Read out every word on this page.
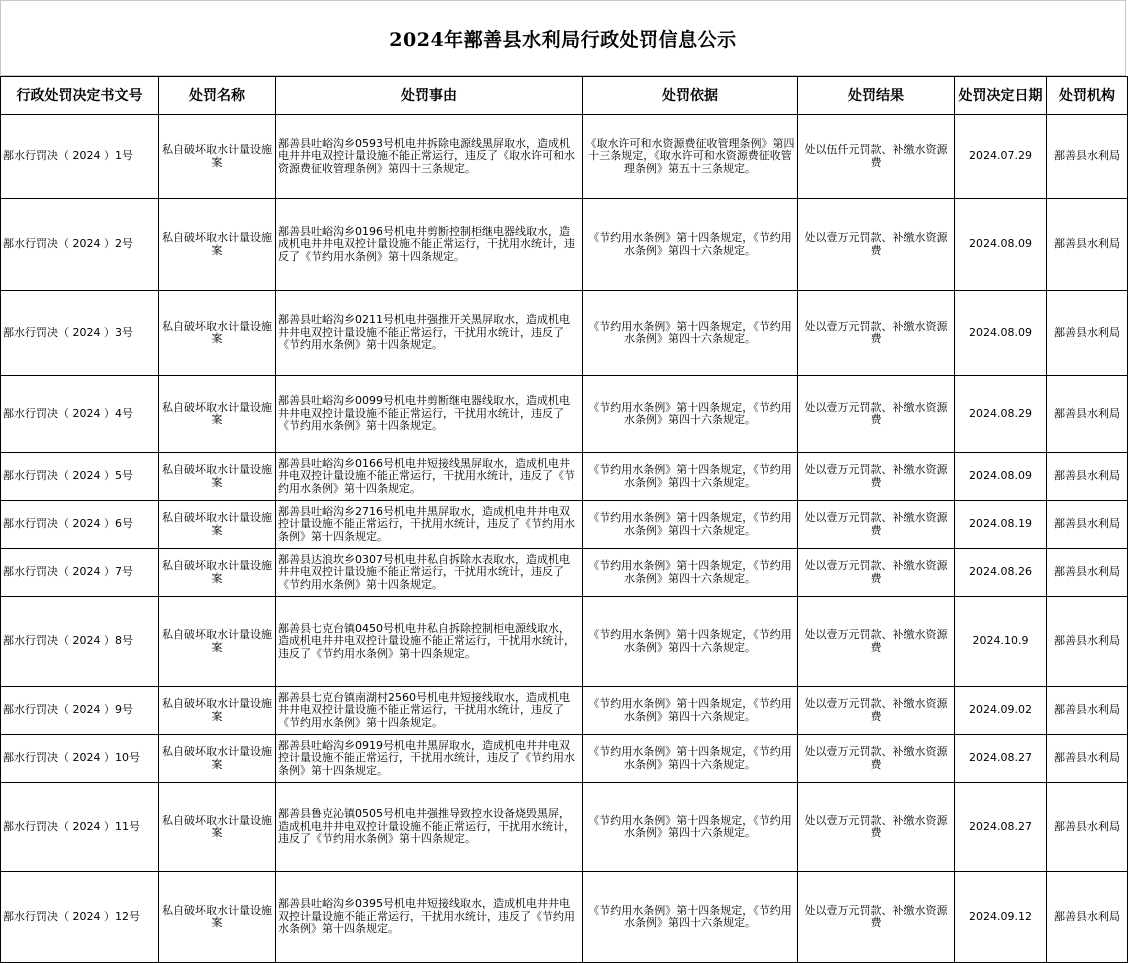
2024年鄯善县水利局行政处罚信息公示
行政处罚决定书文号	处罚名称	处罚事由	处罚依据	处罚结果	处罚决定日期	处罚机构
鄯水行罚决（ 2024 ）1号	私自破坏取水计量设施案	鄯善县吐峪沟乡0593号机电井拆除电源线黑屏取水，造成机电井井电双控计量设施不能正常运行，违反了《取水许可和水资源费征收管理条例》第四十三条规定。	《取水许可和水资源费征收管理条例》第四十三条规定，《取水许可和水资源费征收管理条例》第五十三条规定。	处以伍仟元罚款、补缴水资源费	2024.07.29	鄯善县水利局
鄯水行罚决（ 2024 ）2号	私自破坏取水计量设施案	鄯善县吐峪沟乡0196号机电井剪断控制柜继电器线取水，造成机电井井电双控计量设施不能正常运行，干扰用水统计，违反了《节约用水条例》第十四条规定。	《节约用水条例》第十四条规定，《节约用水条例》第四十六条规定。	处以壹万元罚款、补缴水资源费	2024.08.09	鄯善县水利局
鄯水行罚决（ 2024 ）3号	私自破坏取水计量设施案	鄯善县吐峪沟乡0211号机电井强推开关黑屏取水，造成机电井井电双控计量设施不能正常运行，干扰用水统计，违反了《节约用水条例》第十四条规定。	《节约用水条例》第十四条规定，《节约用水条例》第四十六条规定。	处以壹万元罚款、补缴水资源费	2024.08.09	鄯善县水利局
鄯水行罚决（ 2024 ）4号	私自破坏取水计量设施案	鄯善县吐峪沟乡0099号机电井剪断继电器线取水，造成机电井井电双控计量设施不能正常运行，干扰用水统计，违反了《节约用水条例》第十四条规定。	《节约用水条例》第十四条规定，《节约用水条例》第四十六条规定。	处以壹万元罚款、补缴水资源费	2024.08.29	鄯善县水利局
鄯水行罚决（ 2024 ）5号	私自破坏取水计量设施案	鄯善县吐峪沟乡0166号机电井短接线黑屏取水，造成机电井井电双控计量设施不能正常运行，干扰用水统计，违反了《节约用水条例》第十四条规定。	《节约用水条例》第十四条规定，《节约用水条例》第四十六条规定。	处以壹万元罚款、补缴水资源费	2024.08.09	鄯善县水利局
鄯水行罚决（ 2024 ）6号	私自破坏取水计量设施案	鄯善县吐峪沟乡2716号机电井黑屏取水，造成机电井井电双控计量设施不能正常运行，干扰用水统计，违反了《节约用水条例》第十四条规定。	《节约用水条例》第十四条规定，《节约用水条例》第四十六条规定。	处以壹万元罚款、补缴水资源费	2024.08.19	鄯善县水利局
鄯水行罚决（ 2024 ）7号	私自破坏取水计量设施案	鄯善县达浪坎乡0307号机电井私自拆除水表取水，造成机电井井电双控计量设施不能正常运行，干扰用水统计，违反了《节约用水条例》第十四条规定。	《节约用水条例》第十四条规定，《节约用水条例》第四十六条规定。	处以壹万元罚款、补缴水资源费	2024.08.26	鄯善县水利局
鄯水行罚决（ 2024 ）8号	私自破坏取水计量设施案	鄯善县七克台镇0450号机电井私自拆除控制柜电源线取水，造成机电井井电双控计量设施不能正常运行，干扰用水统计，违反了《节约用水条例》第十四条规定。	《节约用水条例》第十四条规定，《节约用水条例》第四十六条规定。	处以壹万元罚款、补缴水资源费	2024.10.9	鄯善县水利局
鄯水行罚决（ 2024 ）9号	私自破坏取水计量设施案	鄯善县七克台镇南湖村2560号机电井短接线取水，造成机电井井电双控计量设施不能正常运行，干扰用水统计，违反了《节约用水条例》第十四条规定。	《节约用水条例》第十四条规定，《节约用水条例》第四十六条规定。	处以壹万元罚款、补缴水资源费	2024.09.02	鄯善县水利局
鄯水行罚决（ 2024 ）10号	私自破坏取水计量设施案	鄯善县吐峪沟乡0919号机电井黑屏取水，造成机电井井电双控计量设施不能正常运行，干扰用水统计，违反了《节约用水条例》第十四条规定。	《节约用水条例》第十四条规定，《节约用水条例》第四十六条规定。	处以壹万元罚款、补缴水资源费	2024.08.27	鄯善县水利局
鄯水行罚决（ 2024 ）11号	私自破坏取水计量设施案	鄯善县鲁克沁镇0505号机电井强推导致控水设备烧毁黑屏，造成机电井井电双控计量设施不能正常运行，干扰用水统计，违反了《节约用水条例》第十四条规定。	《节约用水条例》第十四条规定，《节约用水条例》第四十六条规定。	处以壹万元罚款、补缴水资源费	2024.08.27	鄯善县水利局
鄯水行罚决（ 2024 ）12号	私自破坏取水计量设施案	鄯善县吐峪沟乡0395号机电井短接线取水，造成机电井井电双控计量设施不能正常运行，干扰用水统计，违反了《节约用水条例》第十四条规定。	《节约用水条例》第十四条规定，《节约用水条例》第四十六条规定。	处以壹万元罚款、补缴水资源费	2024.09.12	鄯善县水利局
